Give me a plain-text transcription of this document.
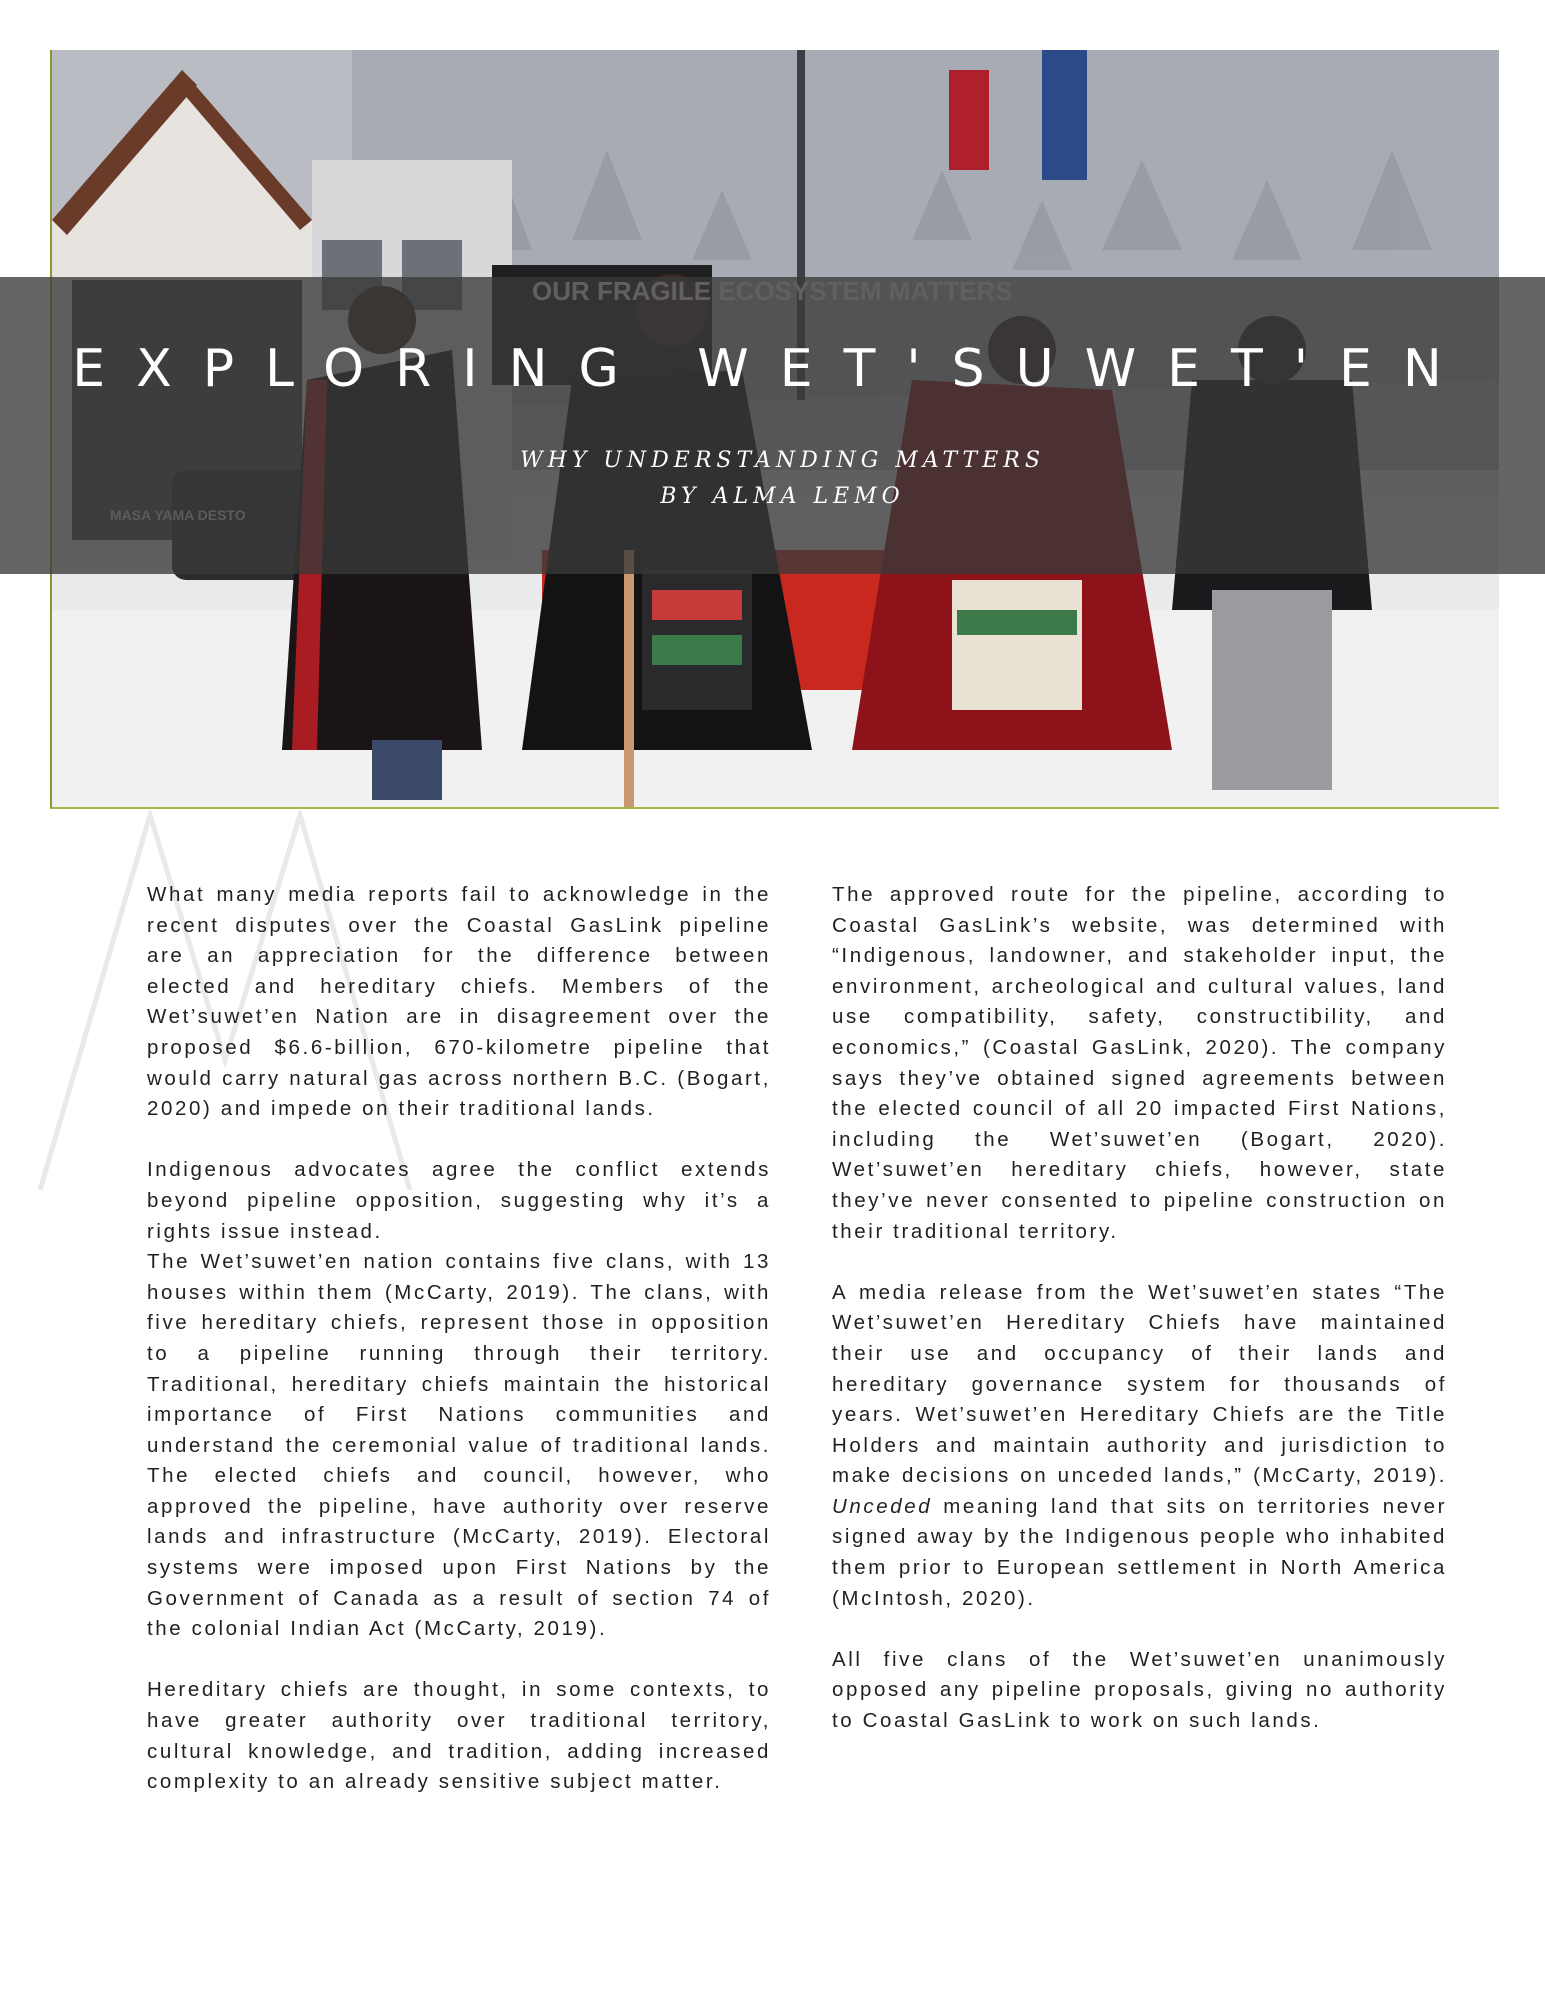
EXPLORING WET'SUWET'EN
WHY UNDERSTANDING MATTERS
BY ALMA LEMO
W

What many media reports fail to acknowledge in the recent disputes over the Coastal GasLink pipeline are an appreciation for the difference between elected and hereditary chiefs. Members of the Wet’suwet’en Nation are in disagreement over the proposed $6.6-billion, 670-kilometre pipeline that would carry natural gas across northern B.C. (Bogart, 2020) and impede on their traditional lands.

Indigenous advocates agree the conflict extends beyond pipeline opposition, suggesting why it’s a rights issue instead.

The Wet’suwet’en nation contains five clans, with 13 houses within them (McCarty, 2019). The clans, with five hereditary chiefs, represent those in opposition to a pipeline running through their territory. Traditional, hereditary chiefs maintain the historical importance of First Nations communities and understand the ceremonial value of traditional lands. The elected chiefs and council, however, who approved the pipeline, have authority over reserve lands and infrastructure (McCarty, 2019). Electoral systems were imposed upon First Nations by the Government of Canada as a result of section 74 of the colonial Indian Act (McCarty, 2019).

Hereditary chiefs are thought, in some contexts, to have greater authority over traditional territory, cultural knowledge, and tradition, adding increased complexity to an already sensitive subject matter.

The approved route for the pipeline, according to Coastal GasLink’s website, was determined with “Indigenous, landowner, and stakeholder input, the environment, archeological and cultural values, land use compatibility, safety, constructibility, and economics,” (Coastal GasLink, 2020). The company says they’ve obtained signed agreements between the elected council of all 20 impacted First Nations, including the Wet’suwet’en (Bogart, 2020). Wet’suwet’en hereditary chiefs, however, state they’ve never consented to pipeline construction on their traditional territory.

A media release from the Wet’suwet’en states “The Wet’suwet’en Hereditary Chiefs have maintained their use and occupancy of their lands and hereditary governance system for thousands of years. Wet’suwet’en Hereditary Chiefs are the Title Holders and maintain authority and jurisdiction to make decisions on unceded lands,” (McCarty, 2019). Unceded meaning land that sits on territories never signed away by the Indigenous people who inhabited them prior to European settlement in North America (McIntosh, 2020).

All five clans of the Wet’suwet’en unanimously opposed any pipeline proposals, giving no authority to Coastal GasLink to work on such lands.
